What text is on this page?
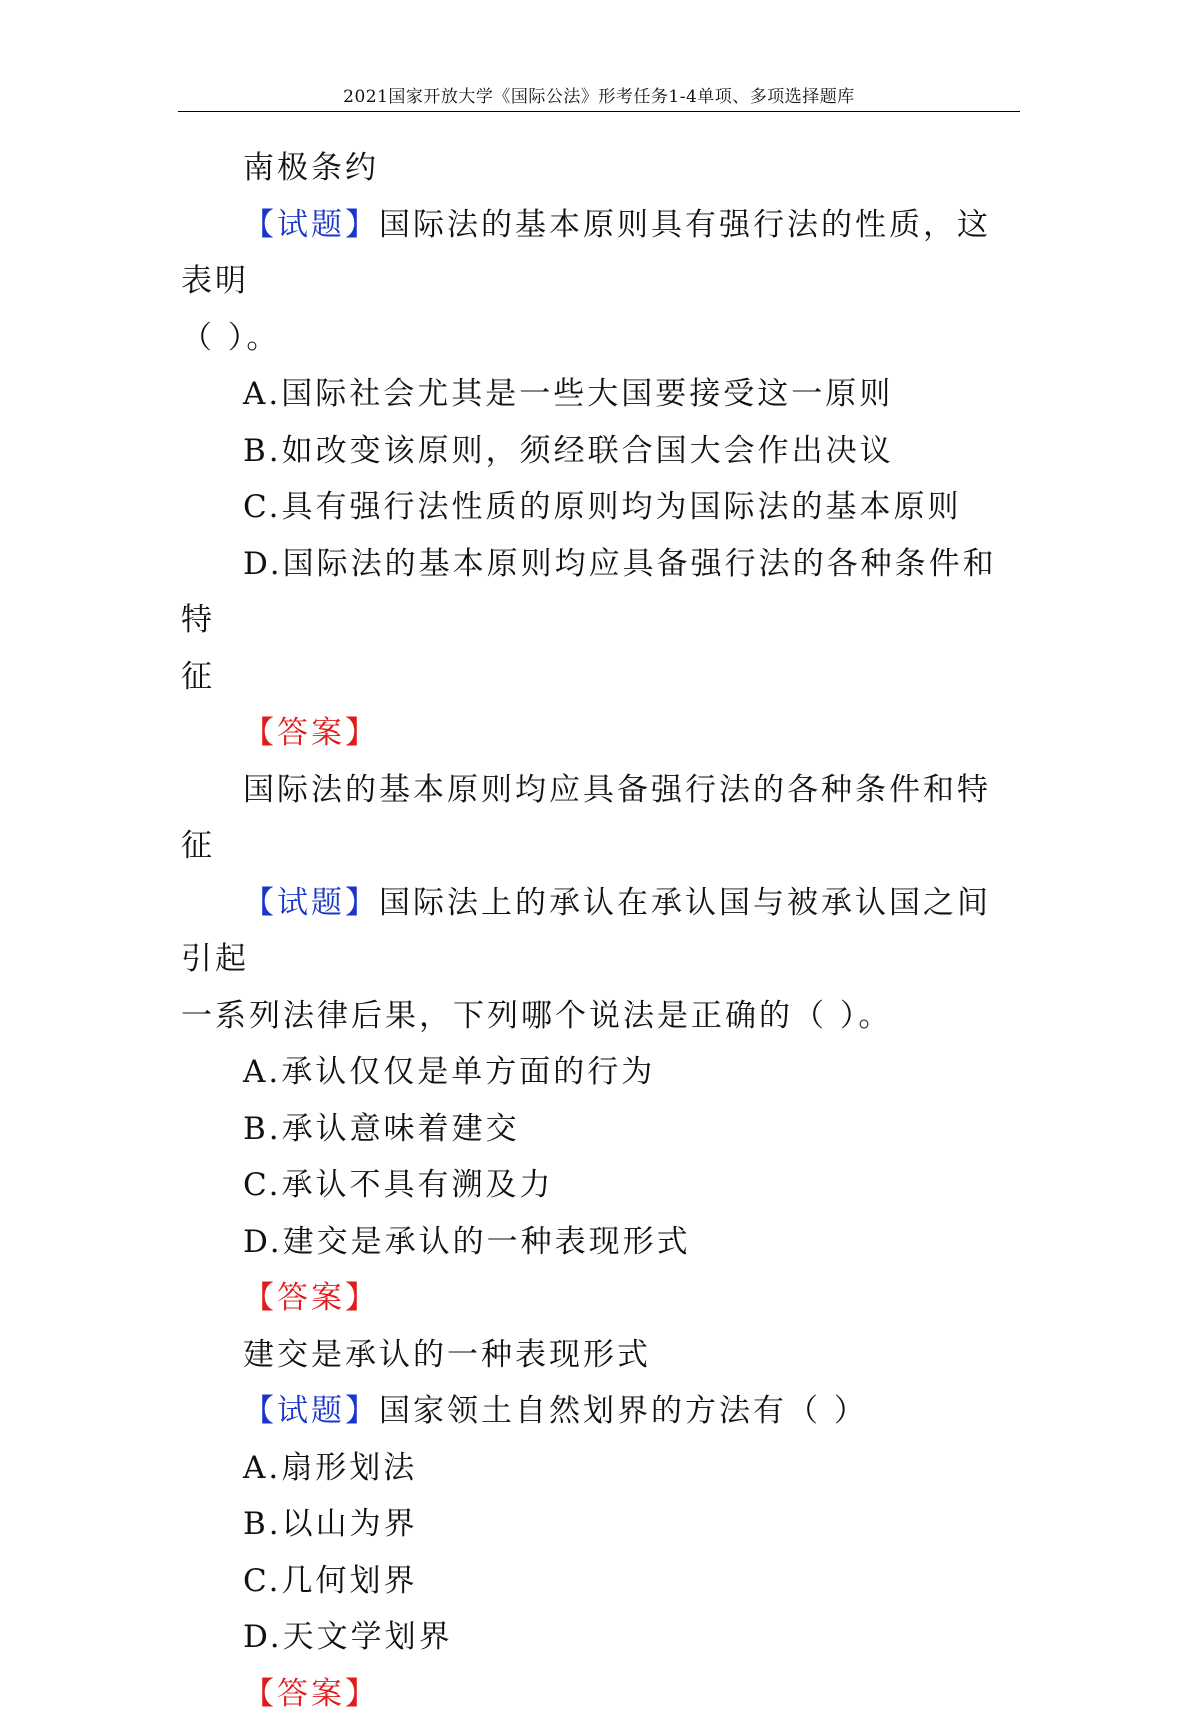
2021国家开放大学《国际公法》形考任务1-4单项、多项选择题库

南极条约

【试题】国际法的基本原则具有强行法的性质，这表明

（ ）。

A.国际社会尤其是一些大国要接受这一原则

B.如改变该原则，须经联合国大会作出决议

C.具有强行法性质的原则均为国际法的基本原则

D.国际法的基本原则均应具备强行法的各种条件和特

征

【答案】

国际法的基本原则均应具备强行法的各种条件和特征

【试题】国际法上的承认在承认国与被承认国之间引起

一系列法律后果，下列哪个说法是正确的（ ）。

A.承认仅仅是单方面的行为

B.承认意味着建交

C.承认不具有溯及力

D.建交是承认的一种表现形式

【答案】

建交是承认的一种表现形式

【试题】国家领土自然划界的方法有（ ）

A.扇形划法

B.以山为界

C.几何划界

D.天文学划界

【答案】
